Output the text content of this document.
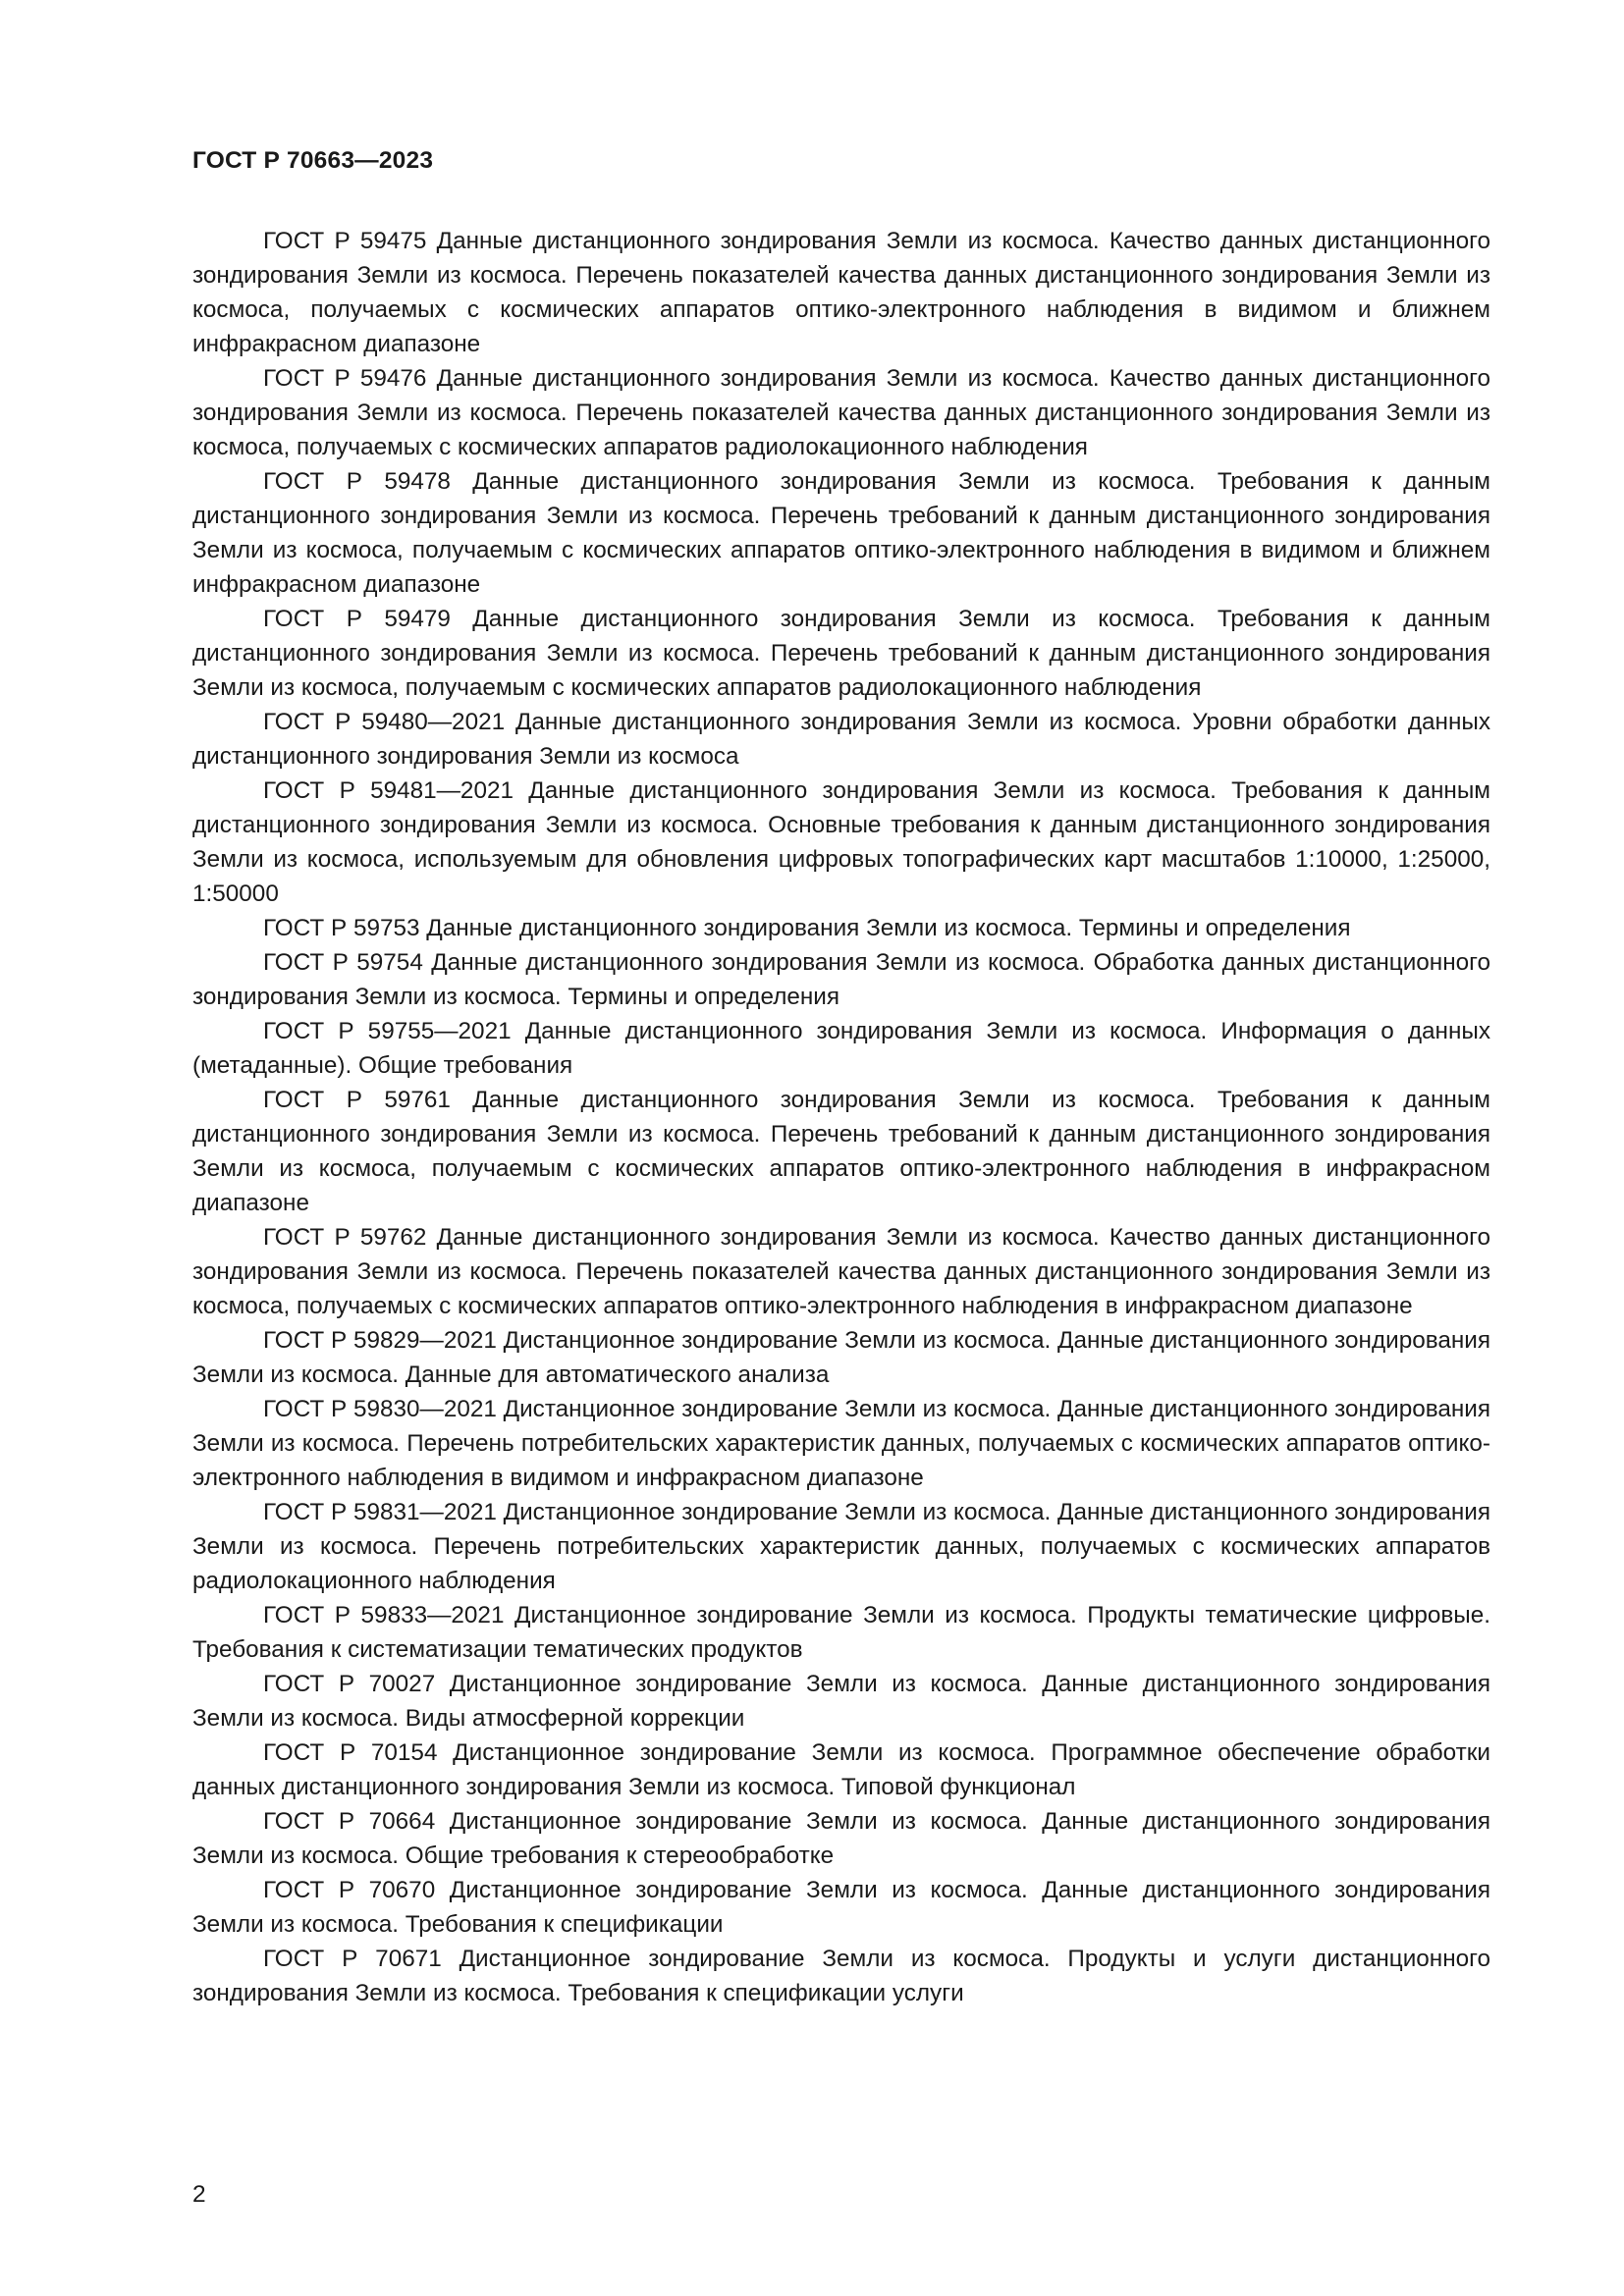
ГОСТ Р 70663—2023
ГОСТ Р 59475 Данные дистанционного зондирования Земли из космоса. Качество данных дистанционного зондирования Земли из космоса. Перечень показателей качества данных дистанционного зондирования Земли из космоса, получаемых с космических аппаратов оптико-электронного наблюдения в видимом и ближнем инфракрасном диапазоне
ГОСТ Р 59476 Данные дистанционного зондирования Земли из космоса. Качество данных дистанционного зондирования Земли из космоса. Перечень показателей качества данных дистанционного зондирования Земли из космоса, получаемых с космических аппаратов радиолокационного наблюдения
ГОСТ Р 59478 Данные дистанционного зондирования Земли из космоса. Требования к данным дистанционного зондирования Земли из космоса. Перечень требований к данным дистанционного зондирования Земли из космоса, получаемым с космических аппаратов оптико-электронного наблюдения в видимом и ближнем инфракрасном диапазоне
ГОСТ Р 59479 Данные дистанционного зондирования Земли из космоса. Требования к данным дистанционного зондирования Земли из космоса. Перечень требований к данным дистанционного зондирования Земли из космоса, получаемым с космических аппаратов радиолокационного наблюдения
ГОСТ Р 59480—2021 Данные дистанционного зондирования Земли из космоса. Уровни обработки данных дистанционного зондирования Земли из космоса
ГОСТ Р 59481—2021 Данные дистанционного зондирования Земли из космоса. Требования к данным дистанционного зондирования Земли из космоса. Основные требования к данным дистанционного зондирования Земли из космоса, используемым для обновления цифровых топографических карт масштабов 1:10000, 1:25000, 1:50000
ГОСТ Р 59753 Данные дистанционного зондирования Земли из космоса. Термины и определения
ГОСТ Р 59754 Данные дистанционного зондирования Земли из космоса. Обработка данных дистанционного зондирования Земли из космоса. Термины и определения
ГОСТ Р 59755—2021 Данные дистанционного зондирования Земли из космоса. Информация о данных (метаданные). Общие требования
ГОСТ Р 59761 Данные дистанционного зондирования Земли из космоса. Требования к данным дистанционного зондирования Земли из космоса. Перечень требований к данным дистанционного зондирования Земли из космоса, получаемым с космических аппаратов оптико-электронного наблюдения в инфракрасном диапазоне
ГОСТ Р 59762 Данные дистанционного зондирования Земли из космоса. Качество данных дистанционного зондирования Земли из космоса. Перечень показателей качества данных дистанционного зондирования Земли из космоса, получаемых с космических аппаратов оптико-электронного наблюдения в инфракрасном диапазоне
ГОСТ Р 59829—2021 Дистанционное зондирование Земли из космоса. Данные дистанционного зондирования Земли из космоса. Данные для автоматического анализа
ГОСТ Р 59830—2021 Дистанционное зондирование Земли из космоса. Данные дистанционного зондирования Земли из космоса. Перечень потребительских характеристик данных, получаемых с космических аппаратов оптико-электронного наблюдения в видимом и инфракрасном диапазоне
ГОСТ Р 59831—2021 Дистанционное зондирование Земли из космоса. Данные дистанционного зондирования Земли из космоса. Перечень потребительских характеристик данных, получаемых с космических аппаратов радиолокационного наблюдения
ГОСТ Р 59833—2021 Дистанционное зондирование Земли из космоса. Продукты тематические цифровые. Требования к систематизации тематических продуктов
ГОСТ Р 70027 Дистанционное зондирование Земли из космоса. Данные дистанционного зондирования Земли из космоса. Виды атмосферной коррекции
ГОСТ Р 70154 Дистанционное зондирование Земли из космоса. Программное обеспечение обработки данных дистанционного зондирования Земли из космоса. Типовой функционал
ГОСТ Р 70664 Дистанционное зондирование Земли из космоса. Данные дистанционного зондирования Земли из космоса. Общие требования к стереообработке
ГОСТ Р 70670 Дистанционное зондирование Земли из космоса. Данные дистанционного зондирования Земли из космоса. Требования к спецификации
ГОСТ Р 70671 Дистанционное зондирование Земли из космоса. Продукты и услуги дистанционного зондирования Земли из космоса. Требования к спецификации услуги
2
